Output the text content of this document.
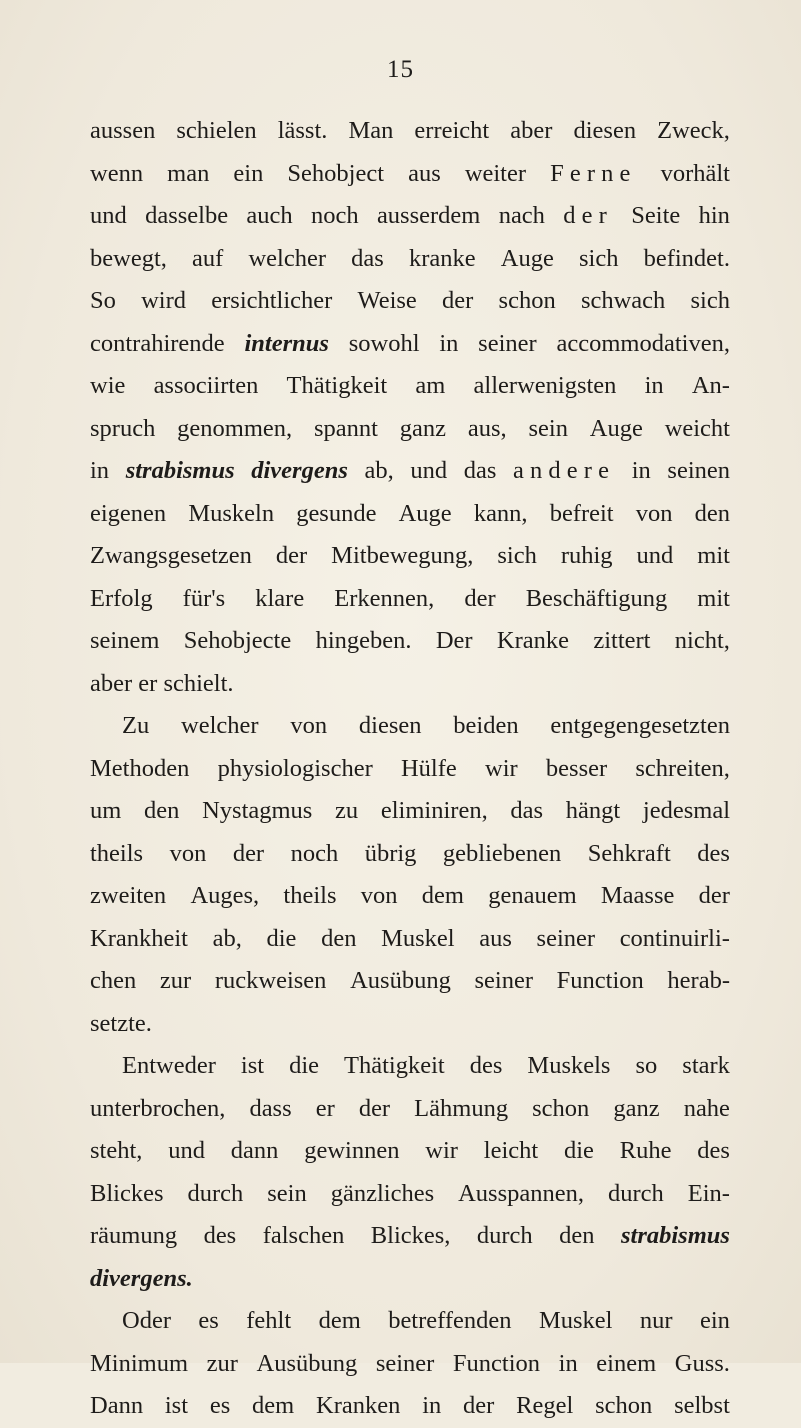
15
aussen schielen lässt. Man erreicht aber diesen Zweck,
wenn man ein Sehobject aus weiter Ferne vorhält
und dasselbe auch noch ausserdem nach der Seite hin
bewegt, auf welcher das kranke Auge sich befindet.
So wird ersichtlicher Weise der schon schwach sich
contrahirende internus sowohl in seiner accommodativen,
wie associirten Thätigkeit am allerwenigsten in An-
spruch genommen, spannt ganz aus, sein Auge weicht
in strabismus divergens ab, und das andere in seinen
eigenen Muskeln gesunde Auge kann, befreit von den
Zwangsgesetzen der Mitbewegung, sich ruhig und mit
Erfolg für's klare Erkennen, der Beschäftigung mit
seinem Sehobjecte hingeben. Der Kranke zittert nicht,
aber er schielt.
Zu welcher von diesen beiden entgegengesetzten
Methoden physiologischer Hülfe wir besser schreiten,
um den Nystagmus zu eliminiren, das hängt jedesmal
theils von der noch übrig gebliebenen Sehkraft des
zweiten Auges, theils von dem genauem Maasse der
Krankheit ab, die den Muskel aus seiner continuirli-
chen zur ruckweisen Ausübung seiner Function herab-
setzte.
Entweder ist die Thätigkeit des Muskels so stark
unterbrochen, dass er der Lähmung schon ganz nahe
steht, und dann gewinnen wir leicht die Ruhe des
Blickes durch sein gänzliches Ausspannen, durch Ein-
räumung des falschen Blickes, durch den strabismus
divergens.
Oder es fehlt dem betreffenden Muskel nur ein
Minimum zur Ausübung seiner Function in einem Guss.
Dann ist es dem Kranken in der Regel schon selbst
